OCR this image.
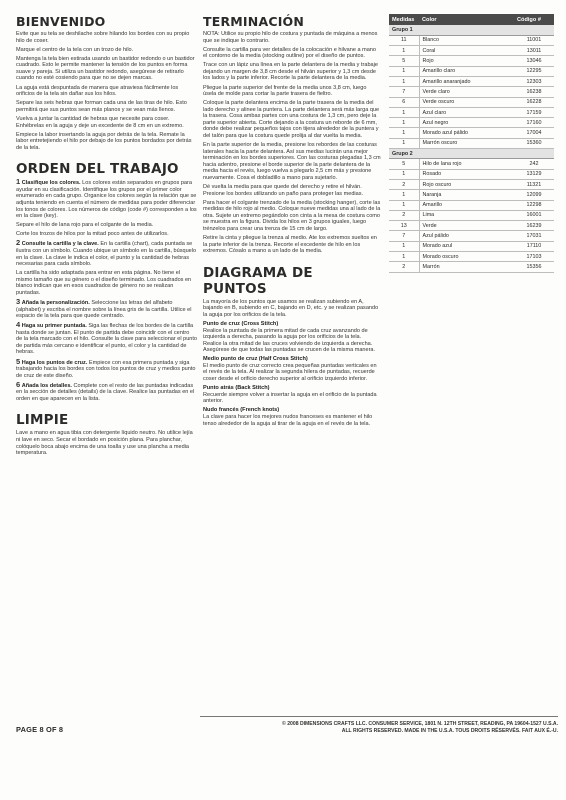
BIENVENIDO

Evite que su tela se deshilache sobre hilando los bordes con su propio hilo de coser.

Marque el centro de la tela con un trozo de hilo.

Mantenga la tela bien estirada usando un bastidor redondo o un bastidor cuadrado. Esto le permite mantener la tensión de los puntos en forma suave y pareja. Si utiliza un bastidor redondo, asegúrese de retirarlo cuando no esté cosiendo para que no se dejen marcas.

La aguja está despuntada de manera que atraviesa fácilmente los orificios de la tela sin dañar sus los hilos.

Separe las seis hebras que forman cada una de las tiras de hilo. Esto permitirá que sus puntos sean más planos y se vean más llenos.

Vuelva a juntar la cantidad de hebras que necesite para coser. Enhébrelas en la aguja y deje un excedente de 8 cm en un extremo.

Empiece la labor insertando la aguja por detrás de la tela. Remate la labor entretejiendo el hilo por debajo de los puntos bordados por detrás de la tela.

ORDEN DEL TRABAJO

1 Clasifique los colores. Los colores están separados en grupos para ayudar en su clasificación. Identifique los grupos por el primer color enumerado en cada grupo. Organice los colores según la relación que se adjunta teniendo en cuenta el número de medidas para poder diferenciar los tonos de colores. Los números de código (code #) corresponden a los en la clave (key).

Separe el hilo de lana rojo para el colgante de la media.

Corte los trozos de hilos por la mitad poco antes de utilizarlos.

2 Consulte la cartilla y la clave. En la cartilla (chart), cada puntada se ilustra con un símbolo. Cuando ubique un símbolo en la cartilla, búsquelo en la clave. La clave le indica el color, el punto y la cantidad de hebras necesarias para cada símbolo.

La cartilla ha sido adaptada para entrar en esta página. No tiene el mismo tamaño que su género o el diseño terminado. Los cuadrados en blanco indican que en esos cuadrados de género no se realizan puntadas.

3 Añada la personalización. Seleccione las letras del alfabeto (alphabet) y escriba el nombre sobre la línea gris de la cartilla. Utilice el espacio de la tela para que quede centrado.

4 Haga su primer puntada. Siga las flechas de los bordes de la cartilla hasta donde se juntan. El punto de partida debe coincidir con el centro de la tela marcado con el hilo. Consulte la clave para seleccionar el punto de partida más cercano e identificar el punto, el color y la cantidad de hebras.

5 Haga los puntos de cruz. Empiece con esa primera puntada y siga trabajando hacia los bordes con todos los puntos de cruz y medios punto de cruz de este diseño.

6 Añada los detalles. Complete con el resto de las puntadas indicadas en la sección de detalles (details) de la clave. Realice las puntadas en el orden en que aparecen en la lista.

LIMPIE

Lave a mano en agua tibia con detergente líquido neutro. No utilice lejía ni lave en seco. Secar el bordado en posición plana. Para planchar, colóquelo boca abajo encima de una toalla y use una plancha a media temperatura.

TERMINACIÓN

NOTA: Utilice su propio hilo de costura y puntada de máquina a menos que se indique lo contrario.

Consulte la cartilla para ver detalles de la colocación e hilvane a mano el contorno de la media (stocking outline) por el diseño de puntos.

Trace con un lápiz una línea en la parte delantera de la media y trabaje dejando un margen de 3,8 cm desde el hilván superior y 1,3 cm desde los lados y la parte inferior. Recorte la parte delantera de la media.

Pliegue la parte superior del frente de la media unos 3,8 cm, luego úsela de molde para cortar la parte trasera de fieltro.

Coloque la parte delantera encima de la parte trasera de la media del lado derecho y alinee la puntera. La parte delantera será más larga que la trasera. Cosa ambas partes con una costura de 1,3 cm, pero deje la parte superior abierta. Corte dejando a la costura un reborde de 6 mm, donde debe realizar pequeños tajos con tijera alrededor de la puntera y del talón para que la costura quede prolija al dar vuelta la media.

En la parte superior de la media, presione los rebordes de las costuras laterales hacia la parte delantera. Así sus medias lucirán una mejor terminación en los bordes superiores. Con las costuras plegadas 1,3 cm hacia adentro, presione el borde superior de la parte delantera de la media hacia el revés, luego vuelva a plegarlo 2,5 cm más y presione nuevamente. Cosa el dobladillo a mano para sujetarlo.

Dé vuelta la media para que quede del derecho y retire el hilván. Presione los bordes utilizando un paño para proteger las medias.

Para hacer el colgante trenzado de la media (stocking hanger), corte las medidas de hilo rojo al medio. Coloque nueve medidas una al lado de la otra. Sujete un extremo pegándolo con cinta a la mesa de costura como se muestra en la figura. Divida los hilos en 3 grupos iguales, luego trénzelos para crear una trenza de 15 cm de largo.

Retire la cinta y pliegue la trenza al medio. Ate los extremos sueltos en la parte inferior de la trenza. Recorte el excedente de hilo en los extremos. Cósalo a mano a un lado de la media.

DIAGRAMA DE PUNTOS

La mayoría de los puntos que usamos se realizan subiendo en A, bajando en B, subiendo en C, bajando en D, etc. y se realizan pasando la aguja por los orificios de la tela.

Punto de cruz (Cross Stitch)

Realice la puntada de la primera mitad de cada cruz avanzando de izquierda a derecha, pasando la aguja por los orificios de la tela. Realice la otra mitad de las cruces volviendo de izquierda a derecha. Asegúrese de que todas las puntadas se crucen de la misma manera.

Medio punto de cruz (Half Cross Stitch)

El medio punto de cruz correcto crea pequeñas puntadas verticales en el revés de la tela. Al realizar la segunda hilera de puntadas, recuerde coser desde el orificio derecho superior al orificio izquierdo inferior.

Punto atrás (Back Stitch)

Recuerde siempre volver a insertar la aguja en el orificio de la puntada anterior.

Nudo francés (French knots)

La clave para hacer los mejores nudos franceses es mantener el hilo tenso alrededor de la aguja al tirar de la aguja en el revés de la tela.

Medidas	Color	Código #
Grupo 1		
11	Blanco	11001
1	Coral	13011
5	Rojo	13046
1	Amarillo claro	12295
1	Amarillo anaranjado	12303
7	Verde claro	16238
6	Verde oscuro	16228
1	Azul claro	17159
1	Azul negro	17160
1	Morado azul pálido	17004
1	Marrón oscuro	15360
Grupo 2		
5	Hilo de lana rojo	242
1	Rosado	13129
2	Rojo oscuro	11321
1	Naranja	12099
1	Amarillo	12298
2	Lima	16001
13	Verde	16239
7	Azul pálido	17031
1	Morado azul	17110
1	Morado oscuro	17103
2	Marrón	15356
PAGE 8 OF 8
© 2008 DIMENSIONS CRAFTS LLC. CONSUMER SERVICE, 1801 N. 12TH STREET, READING, PA 19604-1527 U.S.A.
ALL RIGHTS RESERVED. MADE IN THE U.S.A. TOUS DROITS RÉSERVÉS. FAIT AUX É.-U.
